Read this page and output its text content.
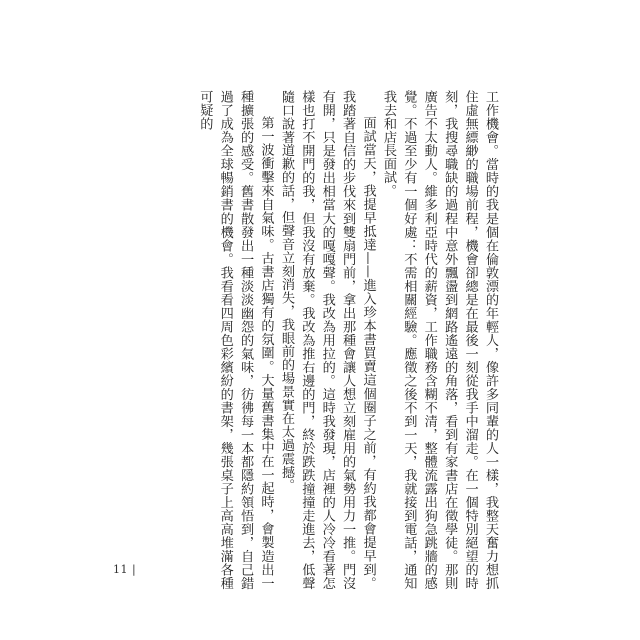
工作機會。當時的我是個在倫敦漂的年輕人，像許多同輩的人一樣，我整天奮力想抓住虛無縹緲的職場前程，機會卻總是在最後一刻從我手中溜走。在一個特別絕望的時刻，我搜尋職缺的過程中意外飄盪到網路遙遠的角落，看到有家書店在徵學徒。那則廣告不太動人。維多利亞時代的薪資，工作職務含糊不清，整體流露出狗急跳牆的感覺。不過至少有一個好處：不需相關經驗。應徵之後不到一天，我就接到電話，通知我去和店長面試。

面試當天，我提早抵達——進入珍本書買賣這個圈子之前，有約我都會提早到。我踏著自信的步伐來到雙扇門前，拿出那種會讓人想立刻雇用的氣勢用力一推。門沒有開，只是發出相當大的嘎嘎聲。我改為用拉的。這時我發現，店裡的人冷冷看著怎樣也打不開門的我，但我沒有放棄。我改為推右邊的門，終於跌跌撞撞走進去，低聲隨口說著道歉的話，但聲音立刻消失，我眼前的場景實在太過震撼。

第一波衝擊來自氣味。古書店獨有的氛圍。大量舊書集中在一起時，會製造出一種擴張的感受。舊書散發出一種淡淡幽怨的氣味，彷彿每一本都隱約領悟到，自己錯過了成為全球暢銷書的機會。我看看四周色彩繽紛的書架，幾張桌子上高高堆滿各種可疑的

11 |
